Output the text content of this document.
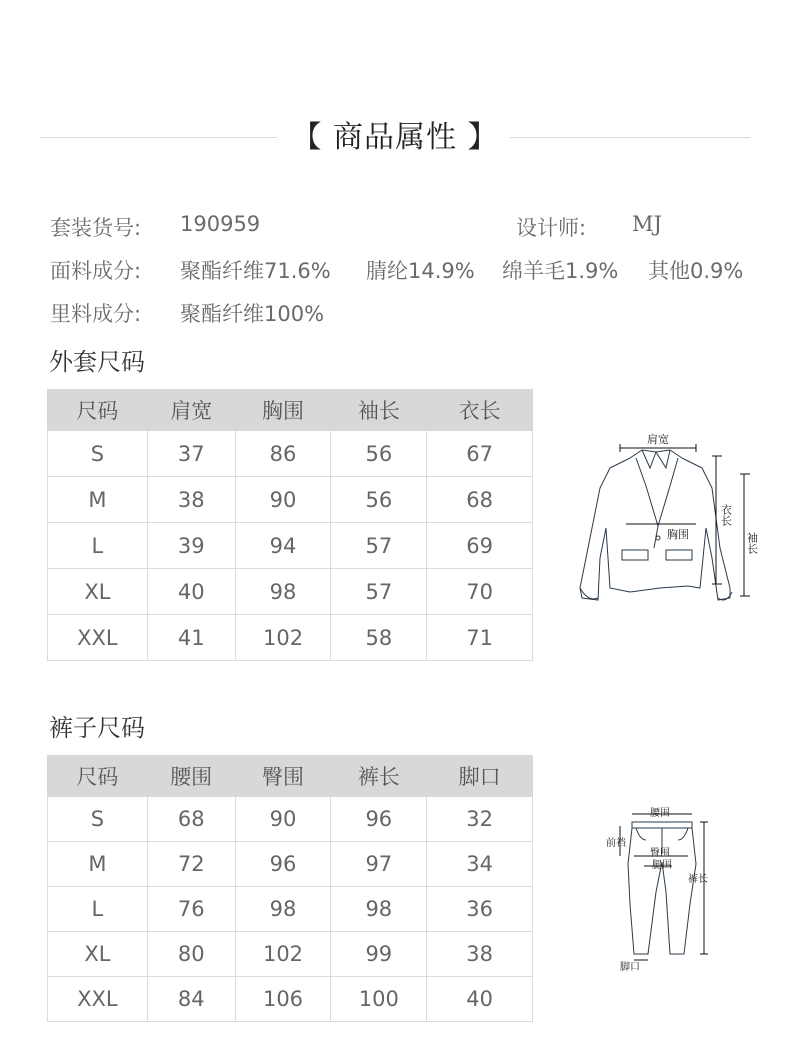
【 商品属性 】
套装货号: 190959	设计师: MJ
面料成分: 聚酯纤维71.6% 腈纶14.9% 绵羊毛1.9% 其他0.9%
里料成分: 聚酯纤维100%
外套尺码
尺码	肩宽	胸围	袖长	衣长
S	37	86	56	67
M	38	90	56	68
L	39	94	57	69
XL	40	98	57	70
XXL	41	102	58	71
肩宽
胸围
衣长
袖长
裤子尺码
尺码	腰围	臀围	裤长	脚口
S	68	90	96	32
M	72	96	97	34
L	76	98	98	36
XL	80	102	99	38
XXL	84	106	100	40
腰围
前裆
臀围
腿围
裤长
脚口
